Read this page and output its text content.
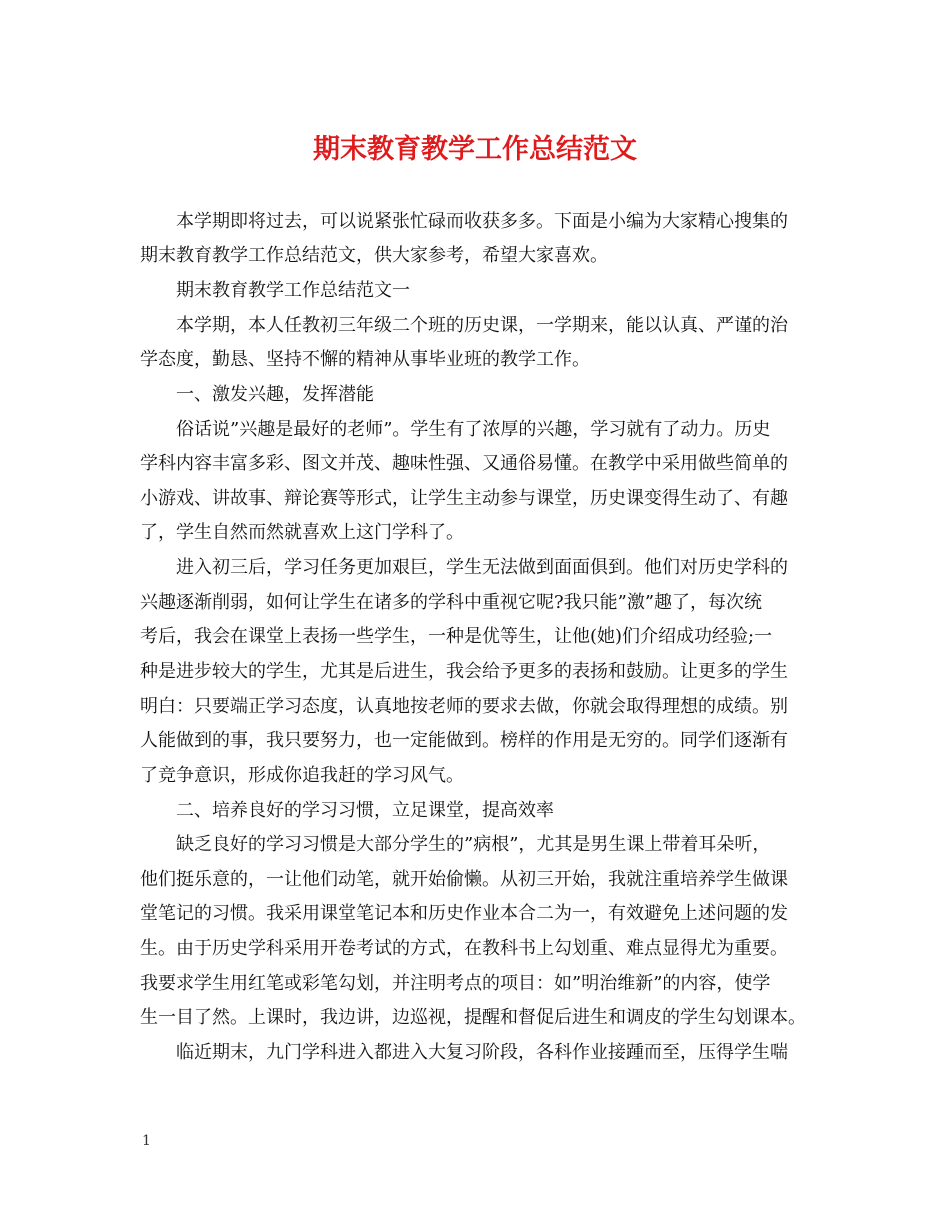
期末教育教学工作总结范文
　　本学期即将过去，可以说紧张忙碌而收获多多。下面是小编为大家精心搜集的
期末教育教学工作总结范文，供大家参考，希望大家喜欢。
　　期末教育教学工作总结范文一
　　本学期，本人任教初三年级二个班的历史课，一学期来，能以认真、严谨的治
学态度，勤恳、坚持不懈的精神从事毕业班的教学工作。
　　一、激发兴趣，发挥潜能
　　俗话说”兴趣是最好的老师”。学生有了浓厚的兴趣，学习就有了动力。历史
学科内容丰富多彩、图文并茂、趣味性强、又通俗易懂。在教学中采用做些简单的
小游戏、讲故事、辩论赛等形式，让学生主动参与课堂，历史课变得生动了、有趣
了，学生自然而然就喜欢上这门学科了。
　　进入初三后，学习任务更加艰巨，学生无法做到面面俱到。他们对历史学科的
兴趣逐渐削弱，如何让学生在诸多的学科中重视它呢?我只能”激”趣了，每次统
考后，我会在课堂上表扬一些学生，一种是优等生，让他(她)们介绍成功经验;一
种是进步较大的学生，尤其是后进生，我会给予更多的表扬和鼓励。让更多的学生
明白：只要端正学习态度，认真地按老师的要求去做，你就会取得理想的成绩。别
人能做到的事，我只要努力，也一定能做到。榜样的作用是无穷的。同学们逐渐有
了竞争意识，形成你追我赶的学习风气。
　　二、培养良好的学习习惯，立足课堂，提高效率
　　缺乏良好的学习习惯是大部分学生的”病根”，尤其是男生课上带着耳朵听，
他们挺乐意的，一让他们动笔，就开始偷懒。从初三开始，我就注重培养学生做课
堂笔记的习惯。我采用课堂笔记本和历史作业本合二为一，有效避免上述问题的发
生。由于历史学科采用开卷考试的方式，在教科书上勾划重、难点显得尤为重要。
我要求学生用红笔或彩笔勾划，并注明考点的项目：如”明治维新”的内容，使学
生一目了然。上课时，我边讲，边巡视，提醒和督促后进生和调皮的学生勾划课本。
　　临近期末，九门学科进入都进入大复习阶段，各科作业接踵而至，压得学生喘
1
